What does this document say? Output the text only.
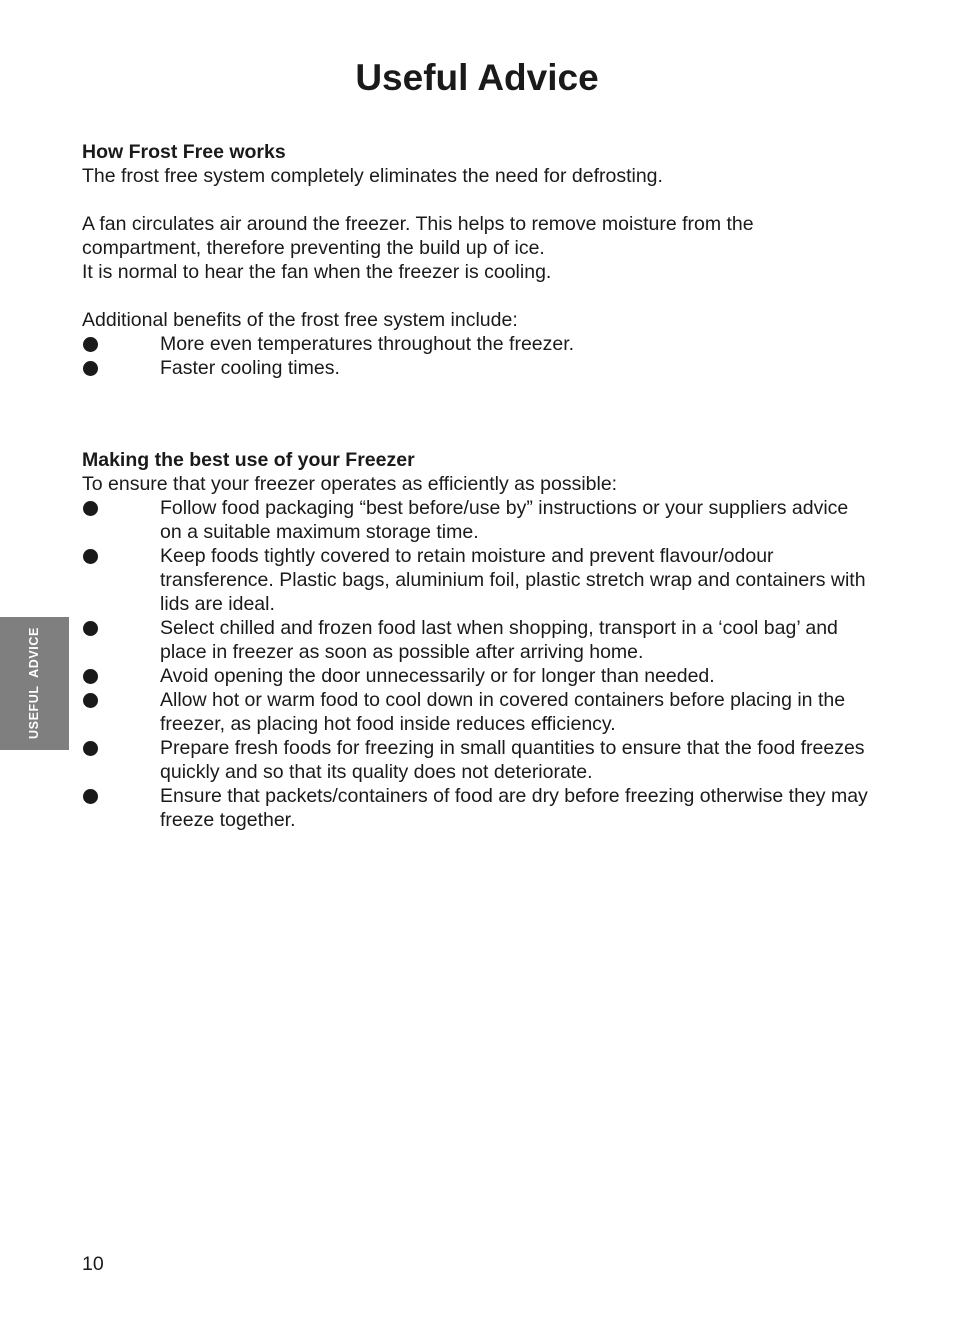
Useful Advice

How Frost Free works

The frost free system completely eliminates the need for defrosting.

A fan circulates air around the freezer. This helps to remove moisture from the

compartment, therefore preventing the build up of ice.

It is normal to hear the fan when the freezer is cooling.

Additional benefits of the frost free system include:

More even temperatures throughout the freezer.
Faster cooling times.

Making the best use of your Freezer

To ensure that your freezer operates as efficiently as possible:

Follow food packaging “best before/use by” instructions or your suppliers advice on a suitable maximum storage time.
Keep foods tightly covered to retain moisture and prevent flavour/odour transference. Plastic bags, aluminium foil, plastic stretch wrap and containers with lids are ideal.
Select chilled and frozen food last when shopping, transport in a ‘cool bag’ and place in freezer as soon as possible after arriving home.
Avoid opening the door unnecessarily or for longer than needed.
Allow hot or warm food to cool down in covered containers before placing in the freezer, as placing hot food inside reduces efficiency.
Prepare fresh foods for freezing in small quantities to ensure that the food freezes quickly and so that its quality does not deteriorate.
Ensure that packets/containers of food are dry before freezing otherwise they may freeze together.
USEFUL  ADVICE
10
